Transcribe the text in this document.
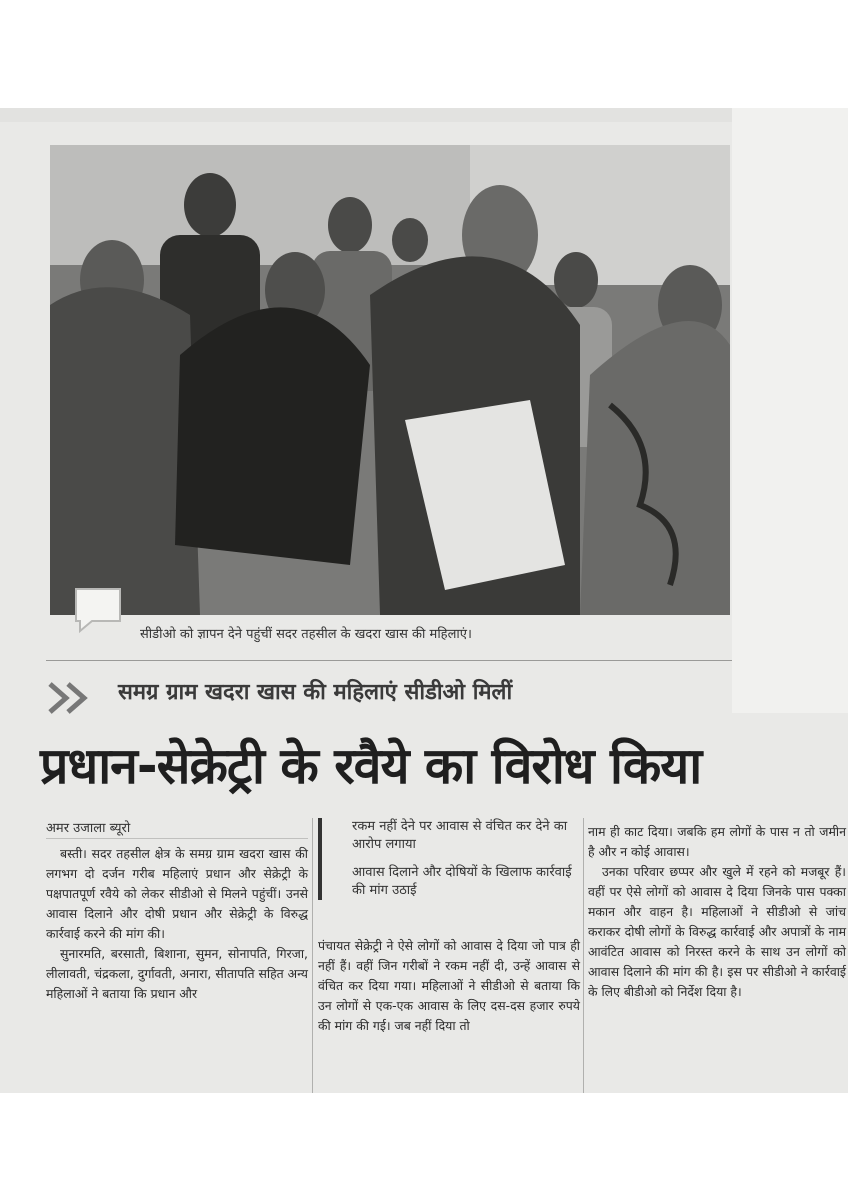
सीडीओ को ज्ञापन देने पहुंचीं सदर तहसील के खदरा खास की महिलाएं।
समग्र ग्राम खदरा खास की महिलाएं सीडीओ मिलीं
प्रधान-सेक्रेट्री के रवैये का विरोध किया
अमर उजाला ब्यूरो

बस्ती। सदर तहसील क्षेत्र के समग्र ग्राम खदरा खास की लगभग दो दर्जन गरीब महिलाएं प्रधान और सेक्रेट्री के पक्षपातपूर्ण रवैये को लेकर सीडीओ से मिलने पहुंचीं। उनसे आवास दिलाने और दोषी प्रधान और सेक्रेट्री के विरुद्ध कार्रवाई करने की मांग की।

सुनारमति, बरसाती, बिशाना, सुमन, सोनापति, गिरजा, लीलावती, चंद्रकला, दुर्गावती, अनारा, सीतापति सहित अन्य महिलाओं ने बताया कि प्रधान और

रकम नहीं देने पर आवास से वंचित कर देने का आरोप लगाया
आवास दिलाने और दोषियों के खिलाफ कार्रवाई की मांग उठाई

पंचायत सेक्रेट्री ने ऐसे लोगों को आवास दे दिया जो पात्र ही नहीं हैं। वहीं जिन गरीबों ने रकम नहीं दी, उन्हें आवास से वंचित कर दिया गया। महिलाओं ने सीडीओ से बताया कि उन लोगों से एक-एक आवास के लिए दस-दस हजार रुपये की मांग की गई। जब नहीं दिया तो

नाम ही काट दिया। जबकि हम लोगों के पास न तो जमीन है और न कोई आवास।

उनका परिवार छप्पर और खुले में रहने को मजबूर हैं। वहीं पर ऐसे लोगों को आवास दे दिया जिनके पास पक्का मकान और वाहन है। महिलाओं ने सीडीओ से जांच कराकर दोषी लोगों के विरुद्ध कार्रवाई और अपात्रों के नाम आवंटित आवास को निरस्त करने के साथ उन लोगों को आवास दिलाने की मांग की है। इस पर सीडीओ ने कार्रवाई के लिए बीडीओ को निर्देश दिया है।
